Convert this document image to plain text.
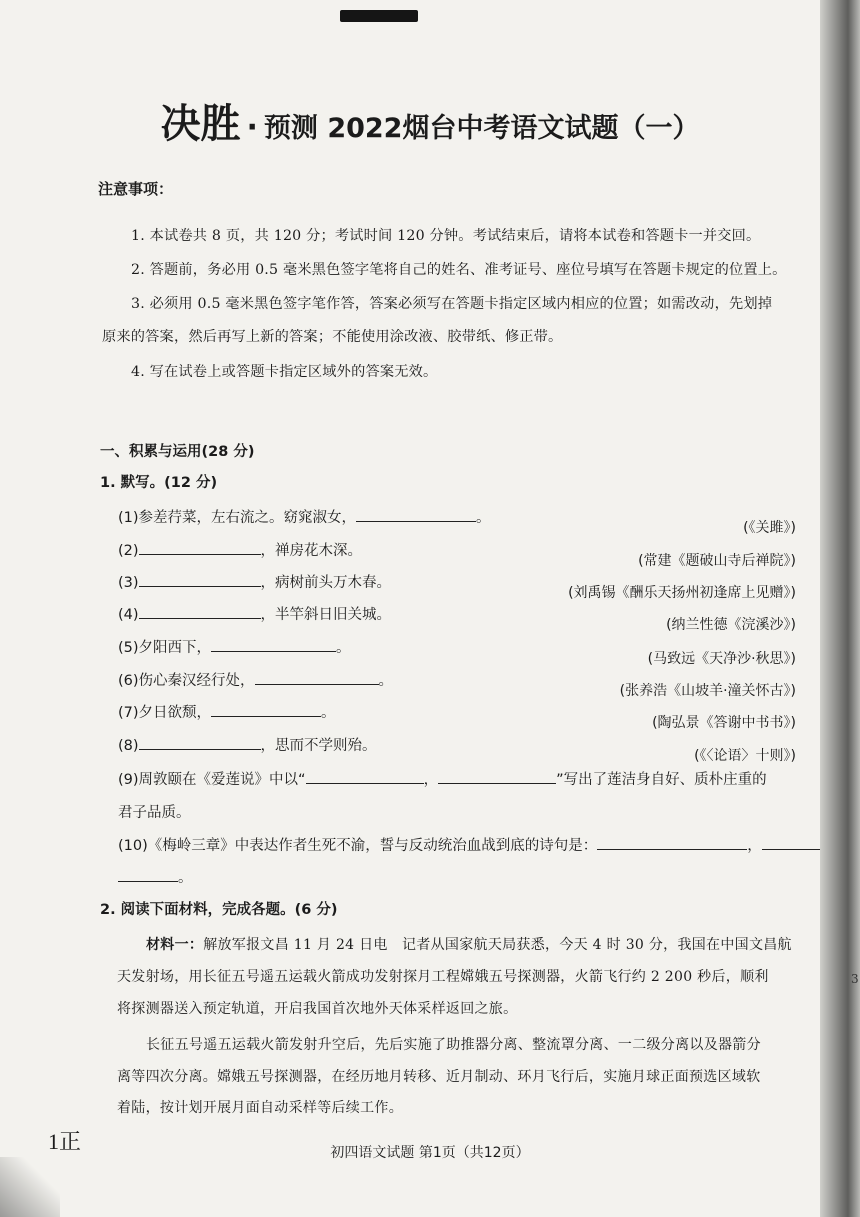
决胜 · 预测 2022烟台中考语文试题（一）
注意事项：
1. 本试卷共 8 页，共 120 分；考试时间 120 分钟。考试结束后，请将本试卷和答题卡一并交回。
2. 答题前，务必用 0.5 毫米黑色签字笔将自己的姓名、准考证号、座位号填写在答题卡规定的位置上。
3. 必须用 0.5 毫米黑色签字笔作答，答案必须写在答题卡指定区域内相应的位置；如需改动，先划掉
原来的答案，然后再写上新的答案；不能使用涂改液、胶带纸、修正带。
4. 写在试卷上或答题卡指定区域外的答案无效。
一、积累与运用(28 分)
1. 默写。(12 分)
(1)参差荇菜，左右流之。窈窕淑女，	。
(《关雎》)
(2)	，禅房花木深。
(常建《题破山寺后禅院》)
(3)	，病树前头万木春。
(刘禹锡《酬乐天扬州初逢席上见赠》)
(4)	，半竿斜日旧关城。
(纳兰性德《浣溪沙》)
(5)夕阳西下，	。
(马致远《天净沙·秋思》)
(6)伤心秦汉经行处，	。
(张养浩《山坡羊·潼关怀古》)
(7)夕日欲颓，	。
(陶弘景《答谢中书书》)
(8)	，思而不学则殆。
(《〈论语〉十则》)
(9)周敦颐在《爱莲说》中以“	，	”写出了莲洁身自好、质朴庄重的
君子品质。
(10)《梅岭三章》中表达作者生死不渝，誓与反动统治血战到底的诗句是：	，
。
2. 阅读下面材料，完成各题。(6 分)
材料一：解放军报文昌 11 月 24 日电　记者从国家航天局获悉，今天 4 时 30 分，我国在中国文昌航
天发射场，用长征五号遥五运载火箭成功发射探月工程嫦娥五号探测器，火箭飞行约 2 200 秒后，顺利
将探测器送入预定轨道，开启我国首次地外天体采样返回之旅。
长征五号遥五运载火箭发射升空后，先后实施了助推器分离、整流罩分离、一二级分离以及器箭分
离等四次分离。嫦娥五号探测器，在经历地月转移、近月制动、环月飞行后，实施月球正面预选区域软
着陆，按计划开展月面自动采样等后续工作。
1正	初四语文试题 第1页（共12页）
3
